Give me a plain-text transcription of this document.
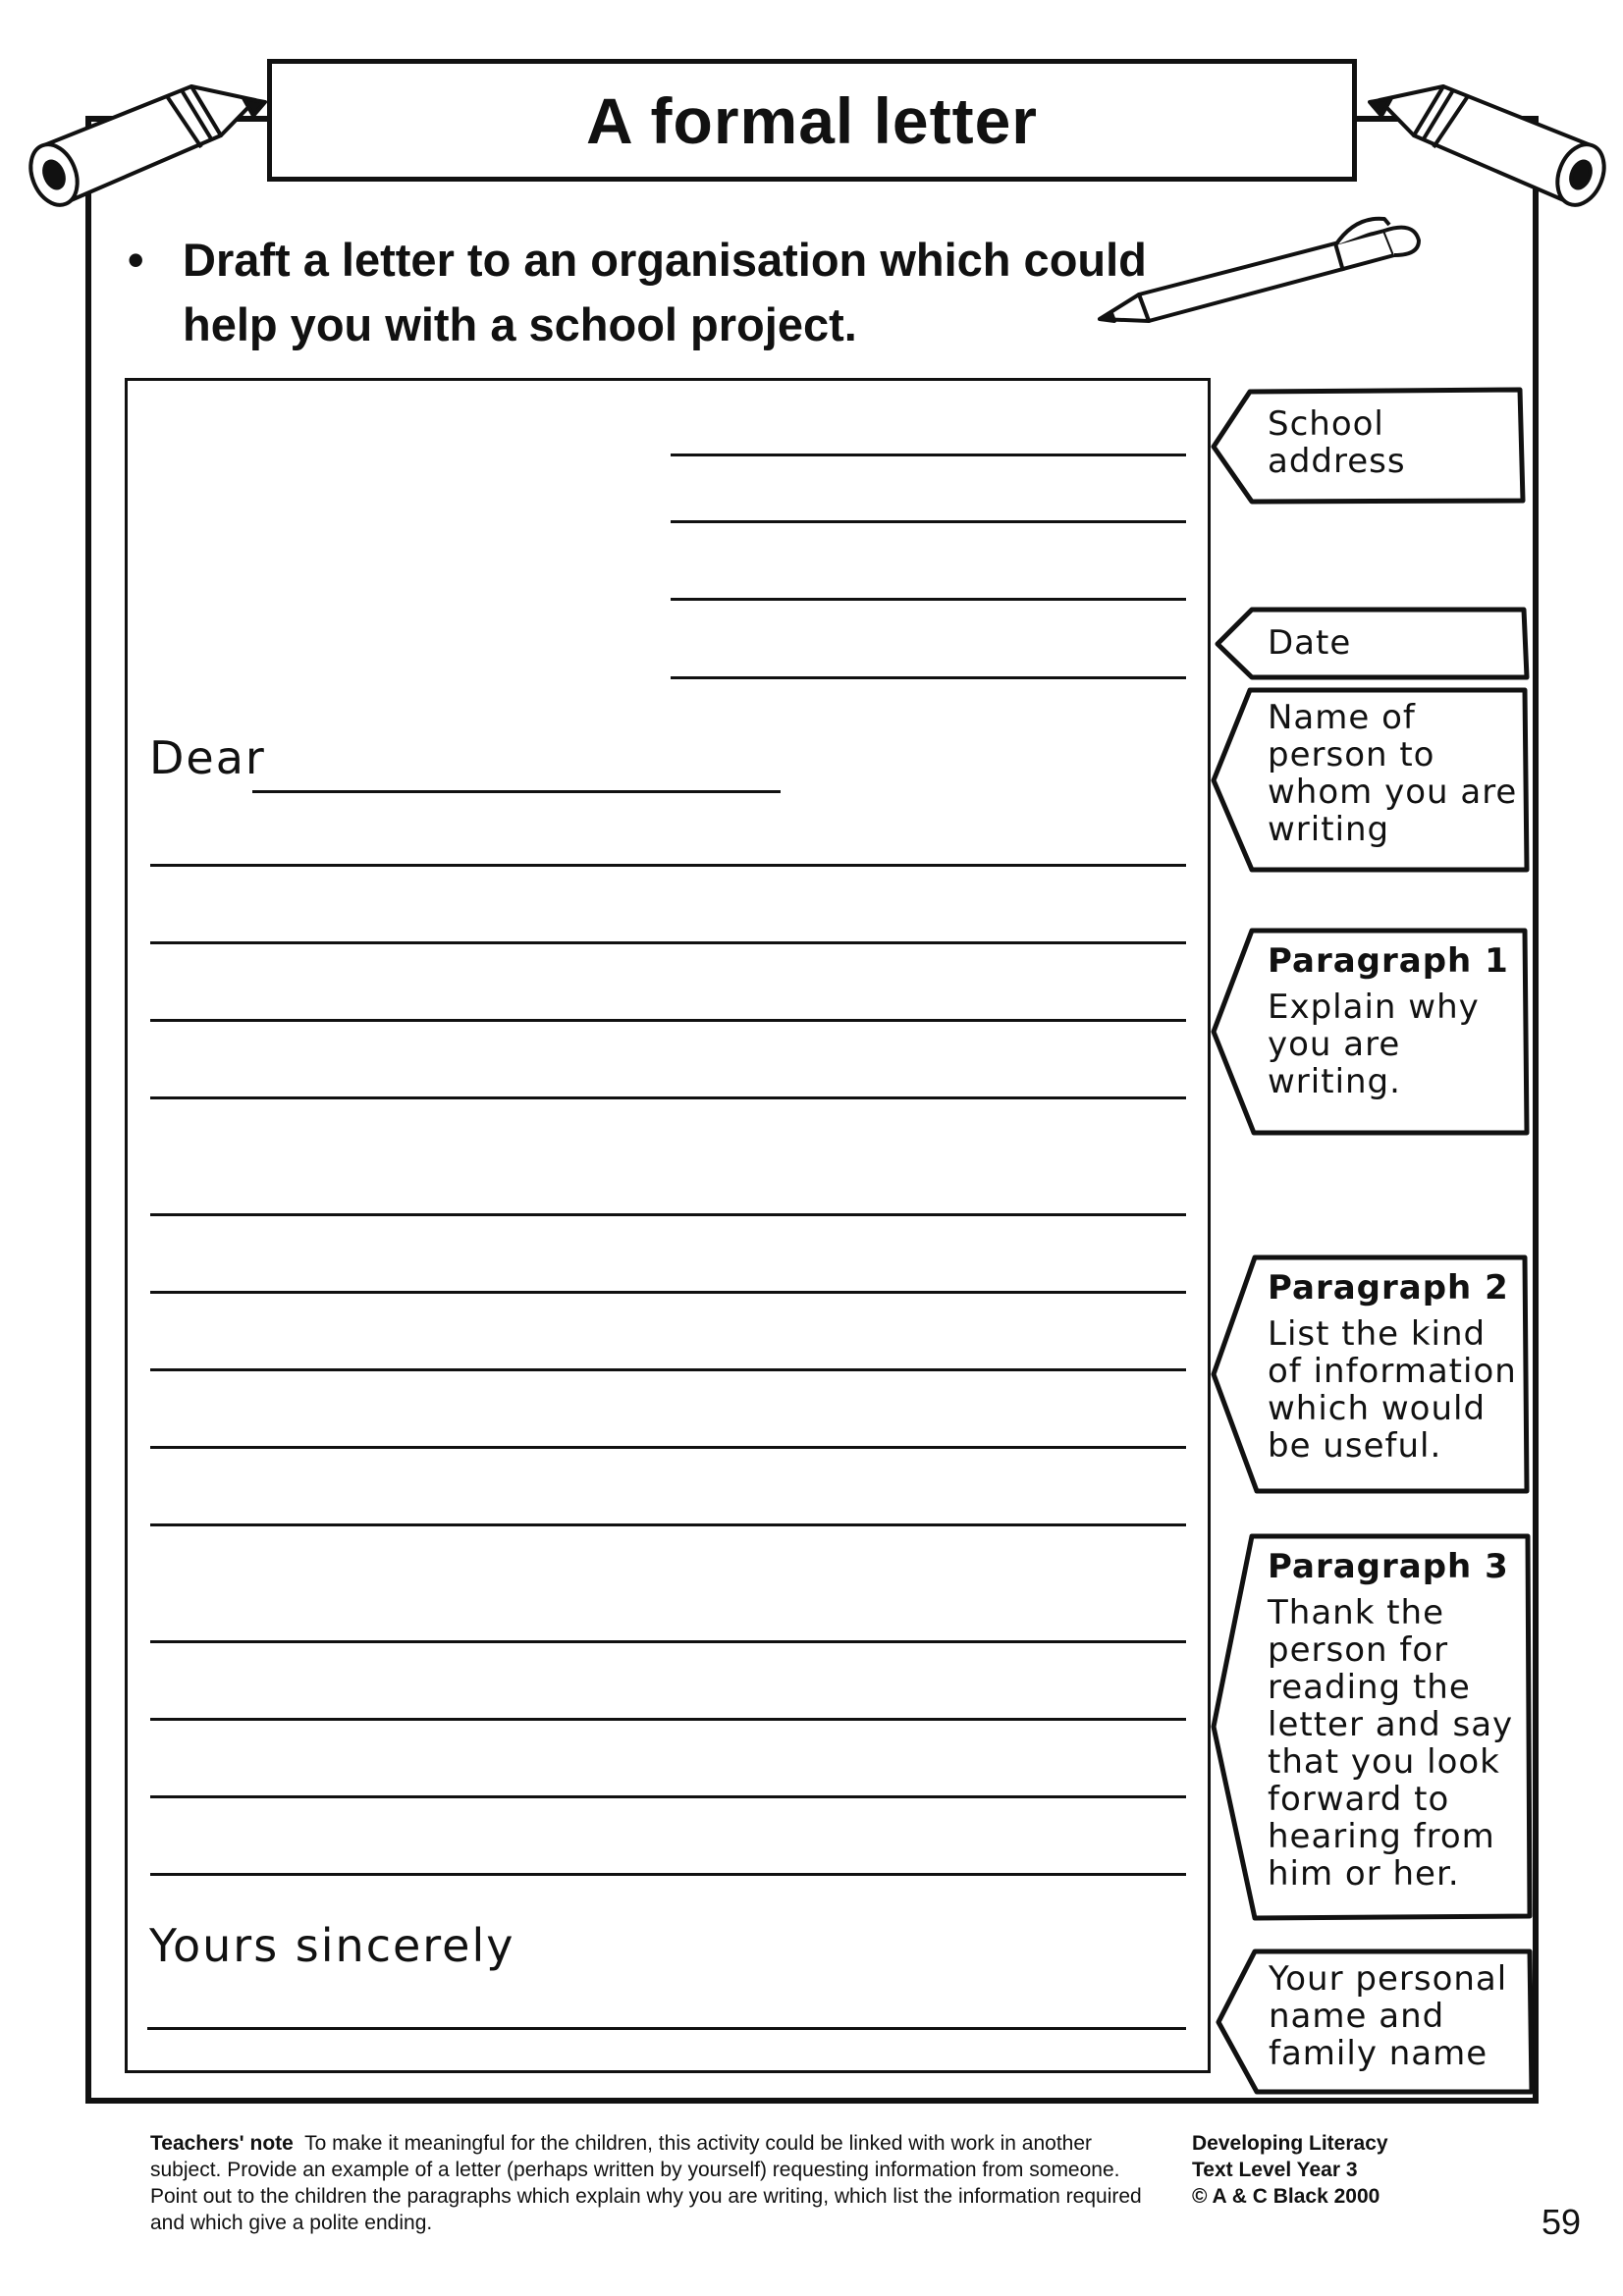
A formal letter
• Draft a letter to an organisation which could help you with a school project.
Dear
Yours sincerely
School address
Date
Name of person to whom you are writing
Paragraph 1
Explain why you are writing.
Paragraph 2
List the kind of information which would be useful.
Paragraph 3
Thank the person for reading the letter and say that you look forward to hearing from him or her.
Your personal name and family name
Teachers' note To make it meaningful for the children, this activity could be linked with work in another subject. Provide an example of a letter (perhaps written by yourself) requesting information from someone. Point out to the children the paragraphs which explain why you are writing, which list the information required and which give a polite ending.
Developing Literacy
Text Level Year 3
© A & C Black 2000
59
